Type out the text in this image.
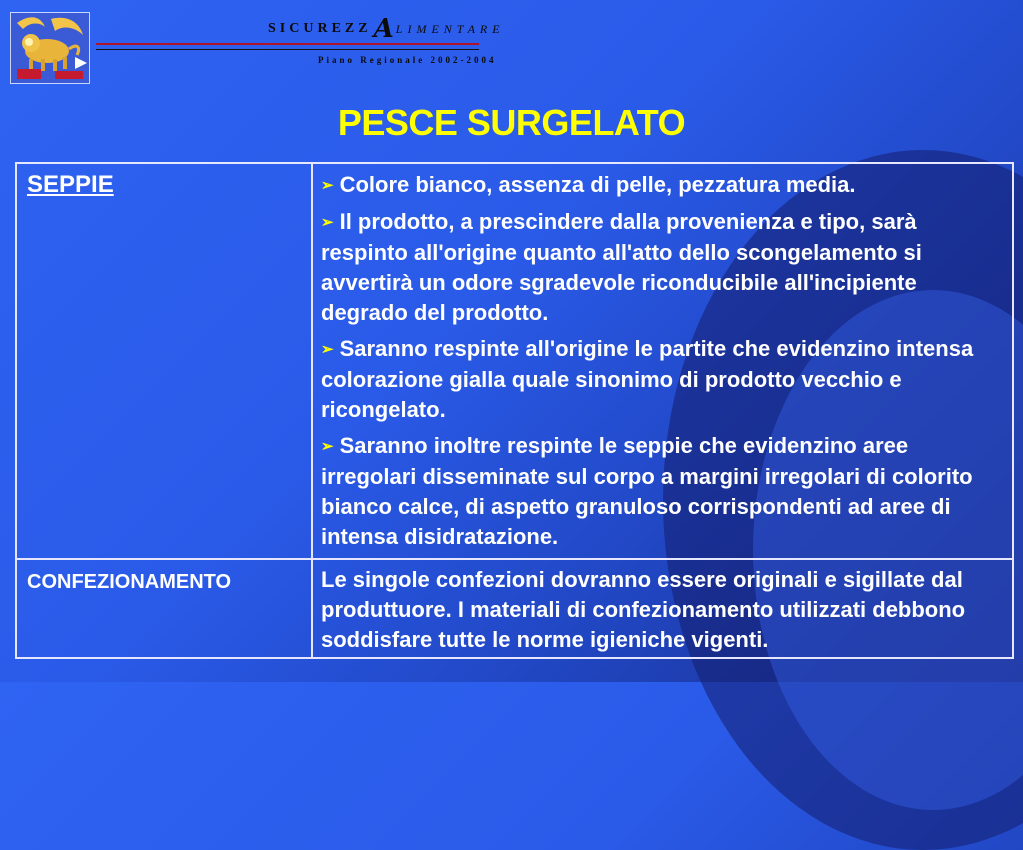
SICUREZZ A LIMENTARE
Piano Regionale 2002-2004
PESCE SURGELATO
SEPPIE	➢ Colore bianco, assenza di pelle, pezzatura media.
➢ Il prodotto, a prescindere dalla provenienza e tipo, sarà respinto all'origine quanto all'atto dello scongelamento si avvertirà un odore sgradevole riconducibile all'incipiente degrado del prodotto.
➢ Saranno respinte all'origine le partite che evidenzino intensa colorazione gialla quale sinonimo di prodotto vecchio e ricongelato.
➢ Saranno inoltre respinte le seppie che evidenzino aree irregolari disseminate sul corpo a margini irregolari di colorito bianco calce, di aspetto granuloso corrispondenti ad aree di intensa disidratazione.

CONFEZIONAMENTO	Le singole confezioni dovranno essere originali e sigillate dal produttuore. I materiali di confezionamento utilizzati debbono soddisfare tutte le norme igieniche vigenti.
